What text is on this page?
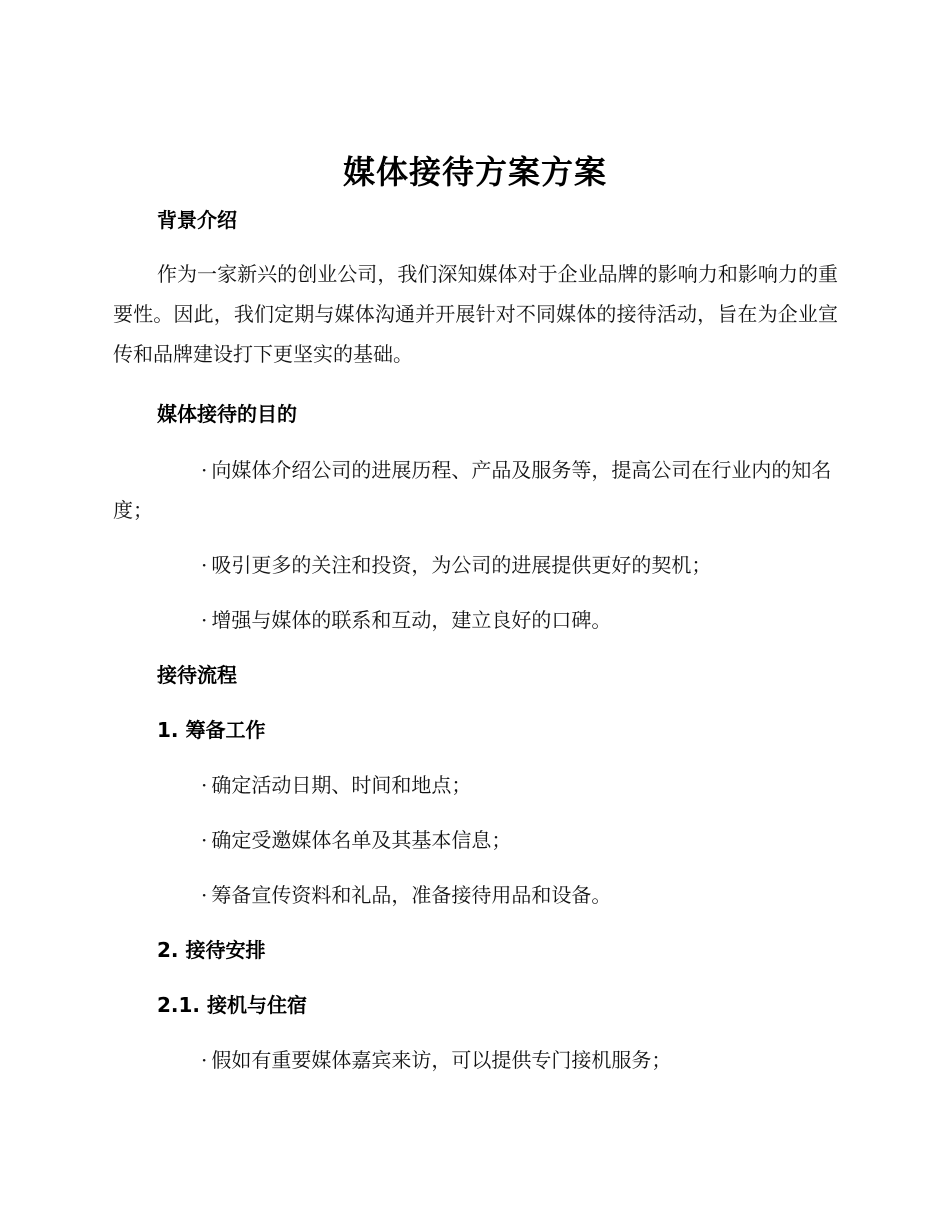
媒体接待方案方案
背景介绍
作为一家新兴的创业公司，我们深知媒体对于企业品牌的影响力和影响力的重要性。因此，我们定期与媒体沟通并开展针对不同媒体的接待活动，旨在为企业宣传和品牌建设打下更坚实的基础。
媒体接待的目的
· 向媒体介绍公司的进展历程、产品及服务等，提高公司在行业内的知名度；
· 吸引更多的关注和投资，为公司的进展提供更好的契机；
· 增强与媒体的联系和互动，建立良好的口碑。
接待流程
1. 筹备工作
· 确定活动日期、时间和地点；
· 确定受邀媒体名单及其基本信息；
· 筹备宣传资料和礼品，准备接待用品和设备。
2. 接待安排
2.1. 接机与住宿
· 假如有重要媒体嘉宾来访，可以提供专门接机服务；
